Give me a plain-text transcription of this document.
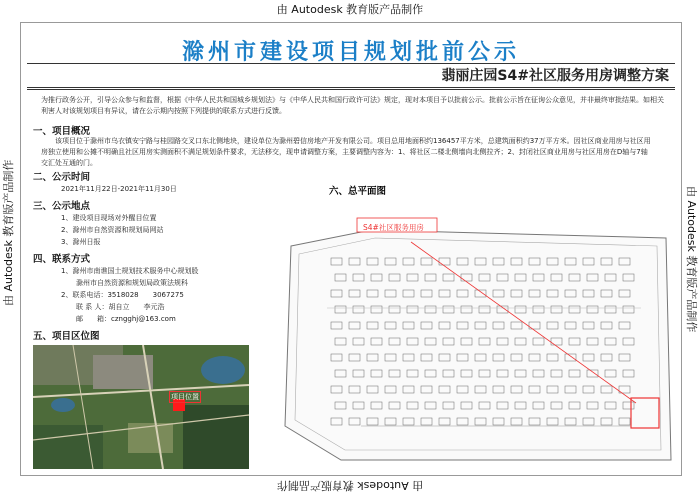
由 Autodesk 教育版产品制作
由 Autodesk 教育版产品制作
由 Autodesk 教育版产品制作	由 Autodesk 教育版产品制作
滁州市建设项目规划批前公示
翡丽庄园S4#社区服务用房调整方案
为推行政务公开，引导公众参与和监督，根据《中华人民共和国城乡规划法》与《中华人民共和国行政许可法》规定，现对本项目予以批前公示。批前公示旨在征询公众意见，并非最终审批结果。如相关利害人对该规划项目有异议，请在公示期内按照下列提供的联系方式进行反馈。
一、项目概况
该项目位于滁州市乌衣镇安宁路与桂园路交叉口东北侧地块，建设单位为滁州碧信房地产开发有限公司。项目总用地面积约136457平方米，总建筑面积约37万平方米。因社区商业用房与社区用房独立使用和公摊不明确且社区用房实测面积不满足规划条件要求，无法移交，现申请调整方案，主要调整内容为：1、将社区二楼北侧墙向北侧拉齐；2、封闭社区商业用房与社区用房在D轴与7轴交汇处互通的门。
二、公示时间
2021年11月22日-2021年11月30日
三、公示地点
1、建设项目现场对外醒目位置
2、滁州市自然资源和规划局网站
3、滁州日报
四、联系方式
1、滁州市南谯国土规划技术服务中心规划股
滁州市自然资源和规划局政策法规科
2、联系电话：3518028　　3067275
联 系 人：胡自立　　李元浩
邮　　箱：czngghj@163.com
五、项目区位图
项目位置
六、总平面图
S4#社区服务用房
